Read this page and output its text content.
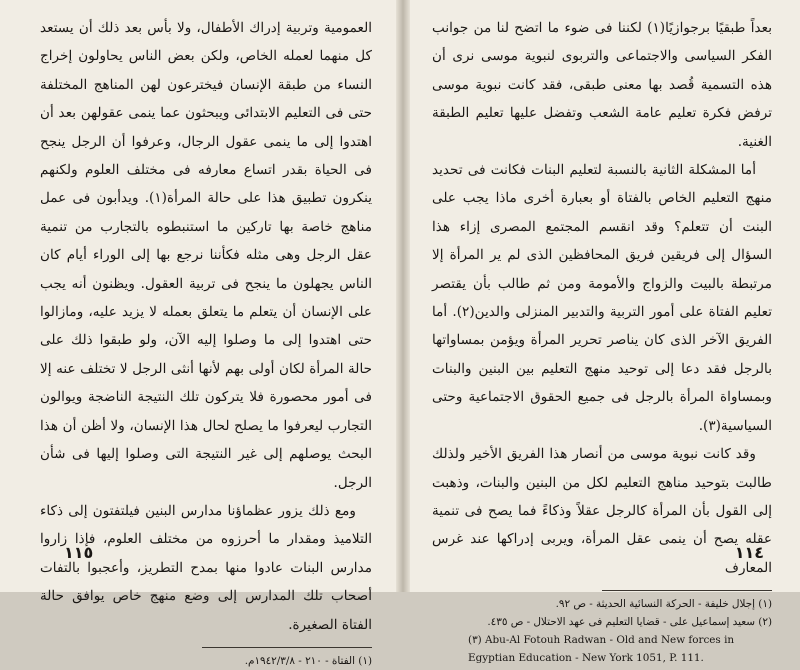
العمومية وتربية إدراك الأطفال، ولا بأس بعد ذلك أن يستعد كل منهما لعمله الخاص، ولكن بعض الناس يحاولون إخراج النساء من طبقة الإنسان فيخترعون لهن المناهج المختلفة حتى فى التعليم الابتدائى ويبحثون عما ينمى عقولهن بعد أن اهتدوا إلى ما ينمى عقول الرجال، وعرفوا أن الرجل ينجح فى الحياة بقدر اتساع معارفه فى مختلف العلوم ولكنهم ينكرون تطبيق هذا على حالة المرأة(١). ويدأبون فى عمل مناهج خاصة بها تاركين ما استنبطوه بالتجارب من تنمية عقل الرجل وهى مثله فكأننا نرجع بها إلى الوراء أيام كان الناس يجهلون ما ينجح فى تربية العقول. ويظنون أنه يجب على الإنسان أن يتعلم ما يتعلق بعمله لا يزيد عليه، ومازالوا حتى اهتدوا إلى ما وصلوا إليه الآن، ولو طبقوا ذلك على حالة المرأة لكان أولى بهم لأنها أنثى الرجل لا تختلف عنه إلا فى أمور محصورة فلا يتركون تلك النتيجة الناضجة ويوالون التجارب ليعرفوا ما يصلح لحال هذا الإنسان، ولا أظن أن هذا البحث يوصلهم إلى غير النتيجة التى وصلوا إليها فى شأن الرجل.

ومع ذلك يزور عظماؤنا مدارس البنين فيلتفتون إلى ذكاء التلاميذ ومقدار ما أحرزوه من مختلف العلوم، فإذا زاروا مدارس البنات عادوا منها بمدح التطريز، وأعجبوا بالتفات أصحاب تلك المدارس إلى وضع منهج خاص يوافق حالة الفتاة الصغيرة.

(١) الفتاة - ٢١٠ - ١٩٤٢/٣/٨م.
١١٥

بعداً طبقيًا برجوازيًا(١) لكننا فى ضوء ما اتضح لنا من جوانب الفكر السياسى والاجتماعى والتربوى لنبوية موسى نرى أن هذه التسمية قُصد بها معنى طبقى، فقد كانت نبوية موسى ترفض فكرة تعليم عامة الشعب وتفضل عليها تعليم الطبقة الغنية.

أما المشكلة الثانية بالنسبة لتعليم البنات فكانت فى تحديد منهج التعليم الخاص بالفتاة أو بعبارة أخرى ماذا يجب على البنت أن تتعلم؟ وقد انقسم المجتمع المصرى إزاء هذا السؤال إلى فريقين فريق المحافظين الذى لم ير المرأة إلا مرتبطة بالبيت والزواج والأمومة ومن ثم طالب بأن يقتصر تعليم الفتاة على أمور التربية والتدبير المنزلى والدين(٢). أما الفريق الآخر الذى كان يناصر تحرير المرأة ويؤمن بمساواتها بالرجل فقد دعا إلى توحيد منهج التعليم بين البنين والبنات وبمساواة المرأة بالرجل فى جميع الحقوق الاجتماعية وحتى السياسية(٣).

وقد كانت نبوية موسى من أنصار هذا الفريق الأخير ولذلك طالبت بتوحيد مناهج التعليم لكل من البنين والبنات، وذهبت إلى القول بأن المرأة كالرجل عقلاً وذكاءً فما يصح فى تنمية عقله يصح أن ينمى عقل المرأة، ويربى إدراكها عند غرس المعارف

(١) إجلال خليفة - الحركة النسائية الحديثة - ص ٩٢.
(٢) سعيد إسماعيل على - قضايا التعليم فى عهد الاحتلال - ص ٤٣٥.
(٣) Abu-Al Fotouh Radwan - Old and New forces in Egyptian Education - New York 1051, P. 111.
١١٤
